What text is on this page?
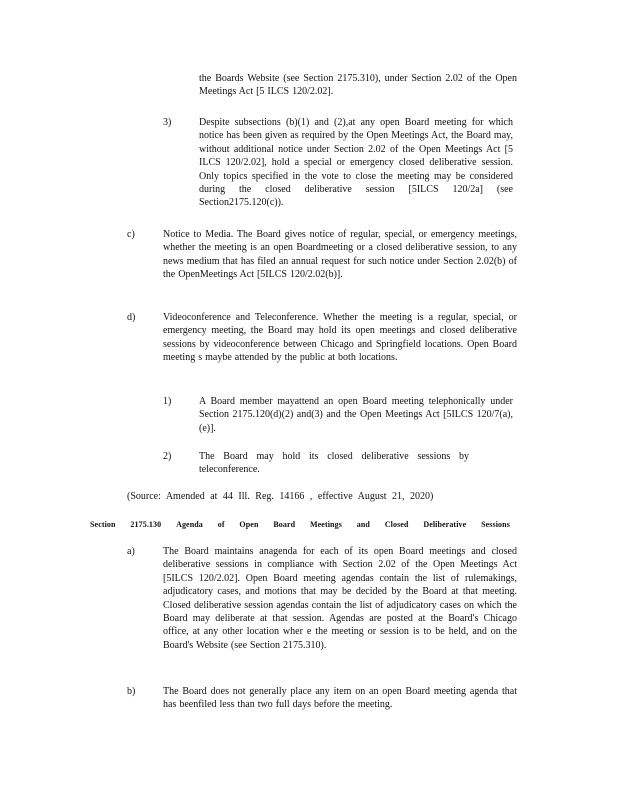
the Boards Website (see Section 2175.310), under Section 2.02 of the Open Meetings Act [5 ILCS 120/2.02].
3)	Despite subsections (b)(1) and (2),at any open Board meeting for which notice has been given as required by the Open Meetings Act, the Board may, without additional notice under Section 2.02 of the Open Meetings Act [5 ILCS 120/2.02], hold a special or emergency closed deliberative session. Only topics specified in the vote to close the meeting may be considered during the closed deliberative session [5ILCS 120/2a] (see Section2175.120(c)).
c)	Notice to Media. The Board gives notice of regular, special, or emergency meetings, whether the meeting is an open Boardmeeting or a closed deliberative session, to any news medium that has filed an annual request for such notice under Section 2.02(b) of the OpenMeetings Act [5ILCS 120/2.02(b)].
d)	Videoconference and Teleconference. Whether the meeting is a regular, special, or emergency meeting, the Board may hold its open meetings and closed deliberative sessions by videoconference between Chicago and Springfield locations. Open Board meeting s maybe attended by the public at both locations.
1)	A Board member mayattend an open Board meeting telephonically under Section 2175.120(d)(2) and(3) and the Open Meetings Act [5ILCS 120/7(a), (e)].
2)	The Board may hold its closed deliberative sessions by teleconference.
(Source: Amended at 44 Ill. Reg. 14166 , effective August 21, 2020)
Section 2175.130 Agenda of Open Board Meetings and Closed Deliberative Sessions
a)	The Board maintains anagenda for each of its open Board meetings and closed deliberative sessions in compliance with Section 2.02 of the Open Meetings Act [5ILCS 120/2.02]. Open Board meeting agendas contain the list of rulemakings, adjudicatory cases, and motions that may be decided by the Board at that meeting. Closed deliberative session agendas contain the list of adjudicatory cases on which the Board may deliberate at that session. Agendas are posted at the Board's Chicago office, at any other location wher e the meeting or session is to be held, and on the Board's Website (see Section 2175.310).
b)	The Board does not generally place any item on an open Board meeting agenda that has beenfiled less than two full days before the meeting.
